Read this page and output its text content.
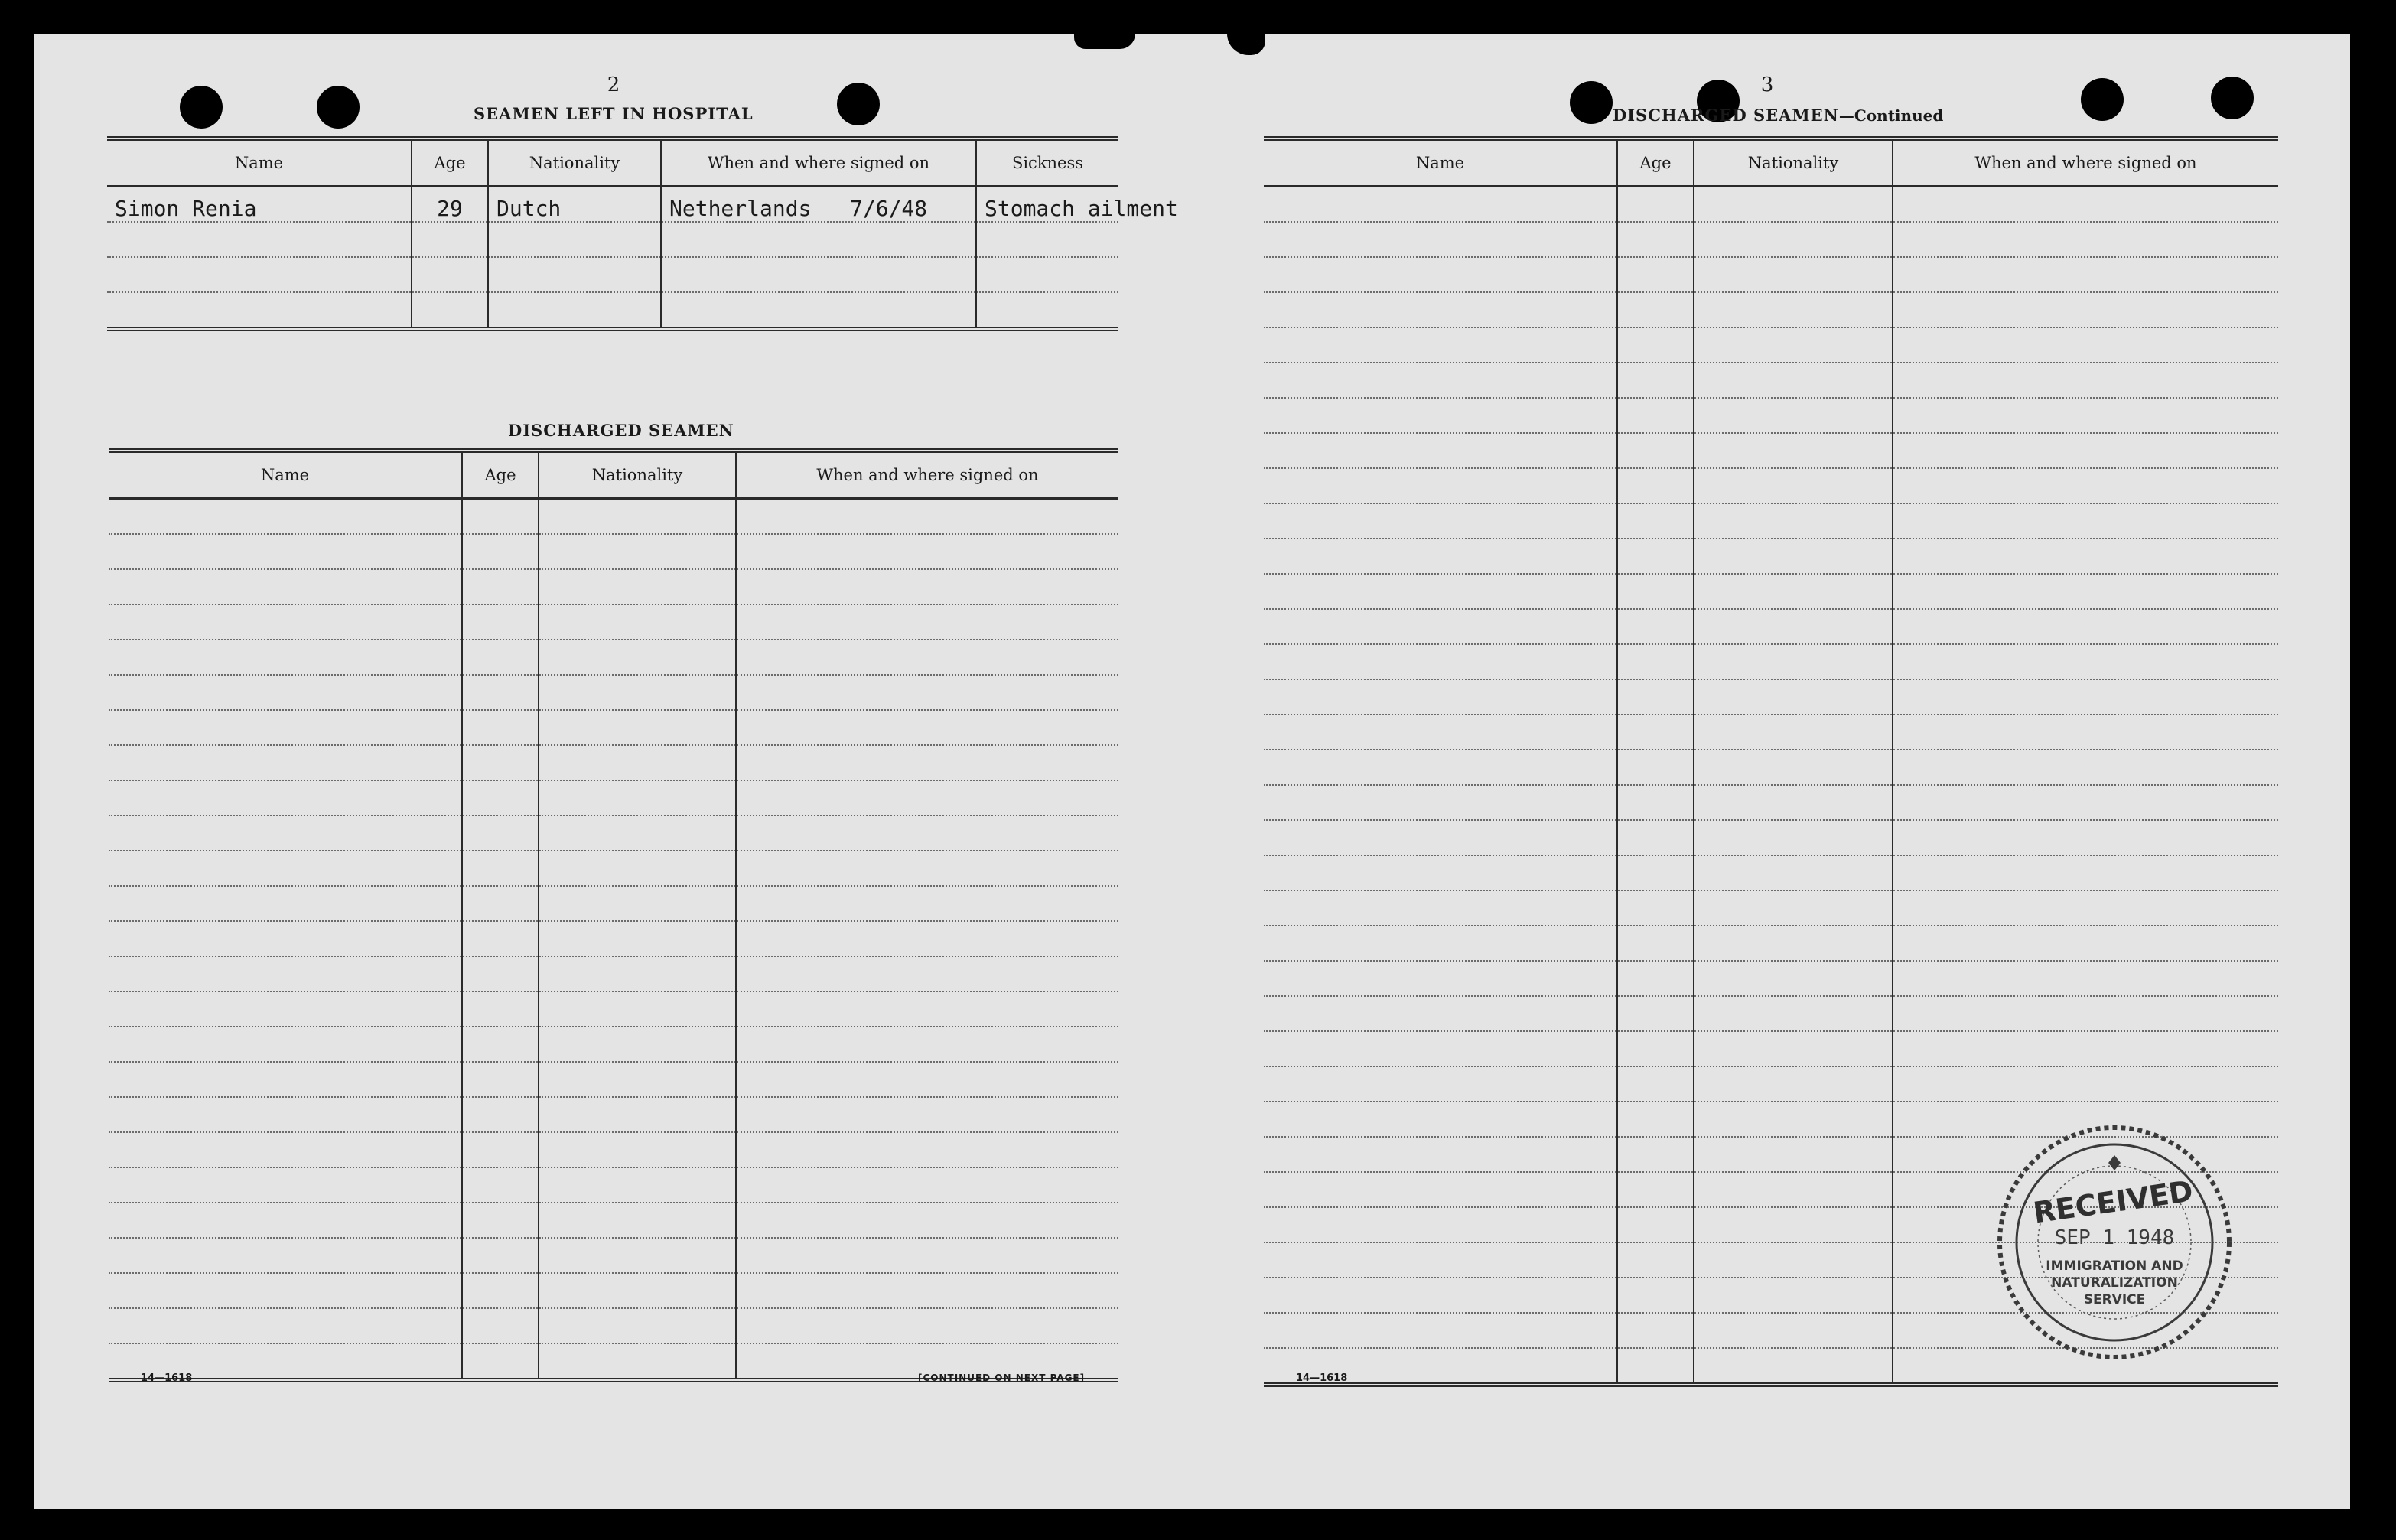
2
SEAMEN LEFT IN HOSPITAL
Name	Age	Nationality	When and where signed on	Sickness
Simon Renia	29	Dutch	Netherlands   7/6/48	Stomach ailment

DISCHARGED SEAMEN
Name	Age	Nationality	When and where signed on

14—1618	[CONTINUED ON NEXT PAGE]
3
DISCHARGED SEAMEN—Continued
Name	Age	Nationality	When and where signed on

14—1618
RECEIVED
SEP 1 1948
IMMIGRATION AND
NATURALIZATION
SERVICE
